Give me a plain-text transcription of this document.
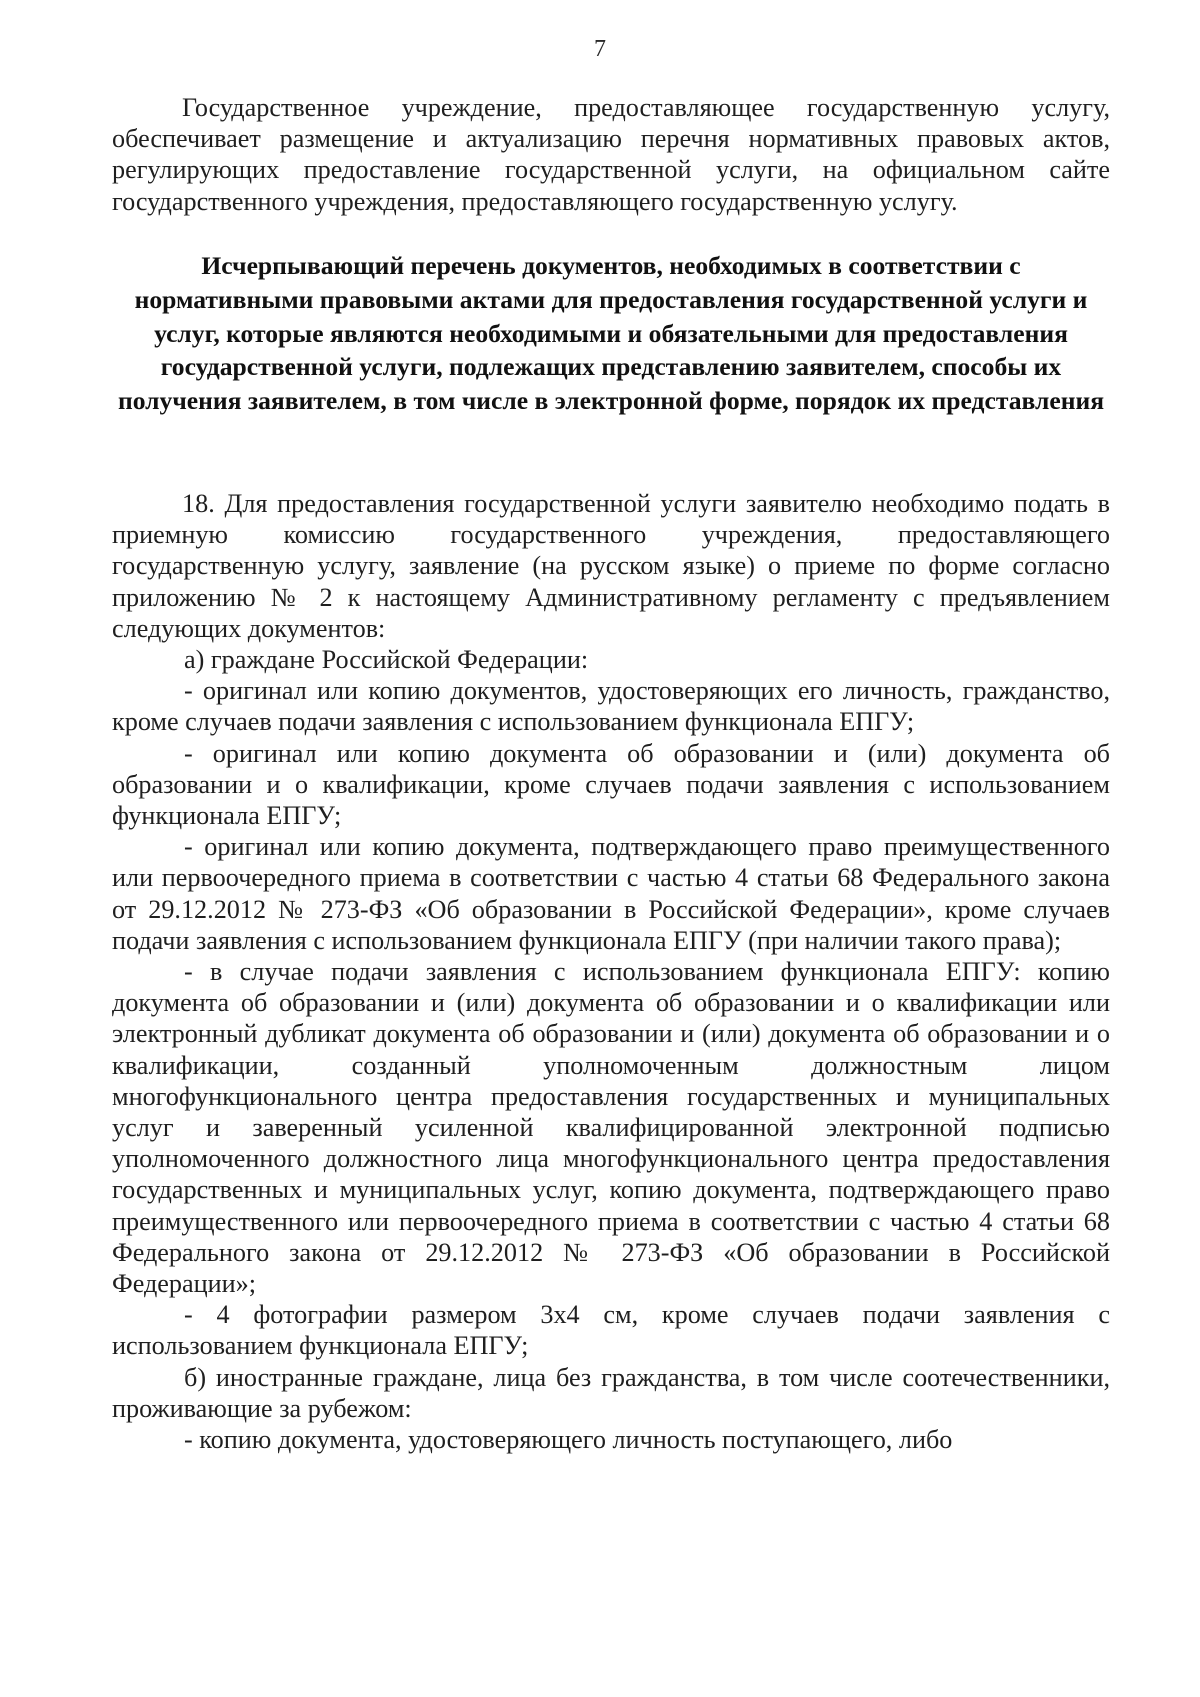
7

Государственное учреждение, предоставляющее государственную услугу, обеспечивает размещение и актуализацию перечня нормативных правовых актов, регулирующих предоставление государственной услуги, на официальном сайте государственного учреждения, предоставляющего государственную услугу.

Исчерпывающий перечень документов, необходимых в соответствии с нормативными правовыми актами для предоставления государственной услуги и услуг, которые являются необходимыми и обязательными для предоставления государственной услуги, подлежащих представлению заявителем, способы их получения заявителем, в том числе в электронной форме, порядок их представления

18. Для предоставления государственной услуги заявителю необходимо подать в приемную комиссию государственного учреждения, предоставляющего государственную услугу, заявление (на русском языке) о приеме по форме согласно приложению № 2 к настоящему Административному регламенту с предъявлением следующих документов:

а) граждане Российской Федерации:

- оригинал или копию документов, удостоверяющих его личность, гражданство, кроме случаев подачи заявления с использованием функционала ЕПГУ;

- оригинал или копию документа об образовании и (или) документа об образовании и о квалификации, кроме случаев подачи заявления с использованием функционала ЕПГУ;

- оригинал или копию документа, подтверждающего право преимущественного или первоочередного приема в соответствии с частью 4 статьи 68 Федерального закона от 29.12.2012 № 273-ФЗ «Об образовании в Российской Федерации», кроме случаев подачи заявления с использованием функционала ЕПГУ (при наличии такого права);

- в случае подачи заявления с использованием функционала ЕПГУ: копию документа об образовании и (или) документа об образовании и о квалификации или электронный дубликат документа об образовании и (или) документа об образовании и о квалификации, созданный уполномоченным должностным лицом многофункционального центра предоставления государственных и муниципальных услуг и заверенный усиленной квалифицированной электронной подписью уполномоченного должностного лица многофункционального центра предоставления государственных и муниципальных услуг, копию документа, подтверждающего право преимущественного или первоочередного приема в соответствии с частью 4 статьи 68 Федерального закона от 29.12.2012 № 273-ФЗ «Об образовании в Российской Федерации»;

- 4 фотографии размером 3х4 см, кроме случаев подачи заявления с использованием функционала ЕПГУ;

б) иностранные граждане, лица без гражданства, в том числе соотечественники, проживающие за рубежом:

- копию документа, удостоверяющего личность поступающего, либо
